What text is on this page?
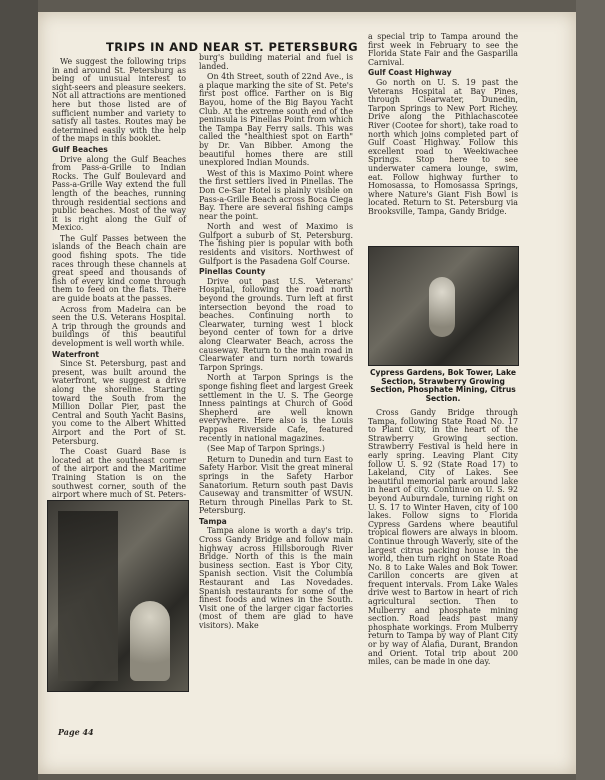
TRIPS IN AND NEAR ST. PETERSBURG

We suggest the following trips in and around St. Petersburg as being of unusual interest to sight-seers and pleasure seekers. Not all attractions are mentioned here but those listed are of sufficient number and variety to satisfy all tastes. Routes may be determined easily with the help of the maps in this booklet.

Gulf Beaches

Drive along the Gulf Beaches from Pass-a-Grille to Indian Rocks. The Gulf Boulevard and Pass-a-Grille Way extend the full length of the beaches, running through residential sections and public beaches. Most of the way it is right along the Gulf of Mexico.

The Gulf Passes between the islands of the Beach chain are good fishing spots. The tide races through these channels at great speed and thousands of fish of every kind come through them to feed on the flats. There are guide boats at the passes.

Across from Madeira can be seen the U.S. Veterans Hospital. A trip through the grounds and buildings of this beautiful development is well worth while.

Waterfront

Since St. Petersburg, past and present, was built around the waterfront, we suggest a drive along the shoreline. Starting toward the South from the Million Dollar Pier, past the Central and South Yacht Basins, you come to the Albert Whitted Airport and the Port of St. Petersburg.

The Coast Guard Base is located at the southeast corner of the airport and the Maritime Training Station is on the southwest corner, south of the airport where much of St. Peters-

burg's building material and fuel is landed.

On 4th Street, south of 22nd Ave., is a plaque marking the site of St. Pete's first post office. Farther on is Big Bayou, home of the Big Bayou Yacht Club. At the extreme south end of the peninsula is Pinellas Point from which the Tampa Bay Ferry sails. This was called the "healthiest spot on Earth" by Dr. Van Bibber. Among the beautiful homes there are still unexplored Indian Mounds.

West of this is Maximo Point where the first settlers lived in Pinellas. The Don Ce-Sar Hotel is plainly visible on Pass-a-Grille Beach across Boca Ciega Bay. There are several fishing camps near the point.

North and west of Maximo is Gulfport a suburb of St. Petersburg. The fishing pier is popular with both residents and visitors. Northwest of Gulfport is the Pasadena Golf Course.

Pinellas County

Drive out past U.S. Veterans' Hospital, following the road north beyond the grounds. Turn left at first intersection beyond the road to beaches. Continuing north to Clearwater, turning west 1 block beyond center of town for a drive along Clearwater Beach, across the causeway. Return to the main road in Clearwater and turn north towards Tarpon Springs.

North at Tarpon Springs is the sponge fishing fleet and largest Greek settlement in the U. S. The George Inness paintings at Church of Good Shepherd are well known everywhere. Here also is the Louis Pappas Riverside Cafe, featured recently in national magazines.

(See Map of Tarpon Springs.)

Return to Dunedin and turn East to Safety Harbor. Visit the great mineral springs in the Safety Harbor Sanatorium. Return south past Davis Causeway and transmitter of WSUN. Return through Pinellas Park to St. Petersburg.

Tampa

Tampa alone is worth a day's trip. Cross Gandy Bridge and follow main highway across Hillsborough River Bridge. North of this is the main business section. East is Ybor City, Spanish section. Visit the Columbia Restaurant and Las Novedades. Spanish restaurants for some of the finest foods and wines in the South. Visit one of the larger cigar factories (most of them are glad to have visitors). Make

a special trip to Tampa around the first week in February to see the Florida State Fair and the Gasparilla Carnival.

Gulf Coast Highway

Go north on U. S. 19 past the Veterans Hospital at Bay Pines, through Clearwater, Dunedin, Tarpon Springs to New Port Richey. Drive along the Pithlachascotee River (Cootee for short), take road to north which joins completed part of Gulf Coast Highway. Follow this excellent road to Weekiwachee Springs. Stop here to see underwater camera lounge, swim, eat. Follow highway further to Homosassa, to Homosassa Springs, where Nature's Giant Fish Bowl is located. Return to St. Petersburg via Brooksville, Tampa, Gandy Bridge.

Cypress Gardens, Bok Tower, Lake Section, Strawberry Growing Section, Phosphate Mining, Citrus Section.

Cross Gandy Bridge through Tampa, following State Road No. 17 to Plant City, in the heart of the Strawberry Growing section. Strawberry Festival is held here in early spring. Leaving Plant City follow U. S. 92 (State Road 17) to Lakeland, City of Lakes. See beautiful memorial park around lake in heart of city. Continue on U. S. 92 beyond Auburndale, turning right on U. S. 17 to Winter Haven, city of 100 lakes. Follow signs to Florida Cypress Gardens where beautiful tropical flowers are always in bloom. Continue through Waverly, site of the largest citrus packing house in the world, then turn right on State Road No. 8 to Lake Wales and Bok Tower. Carillon concerts are given at frequent intervals. From Lake Wales drive west to Bartow in heart of rich agricultural section. Then to Mulberry and phosphate mining section. Road leads past many phosphate workings. From Mulberry return to Tampa by way of Plant City or by way of Alafia, Durant, Brandon and Orient. Total trip about 200 miles, can be made in one day.

Page 44
